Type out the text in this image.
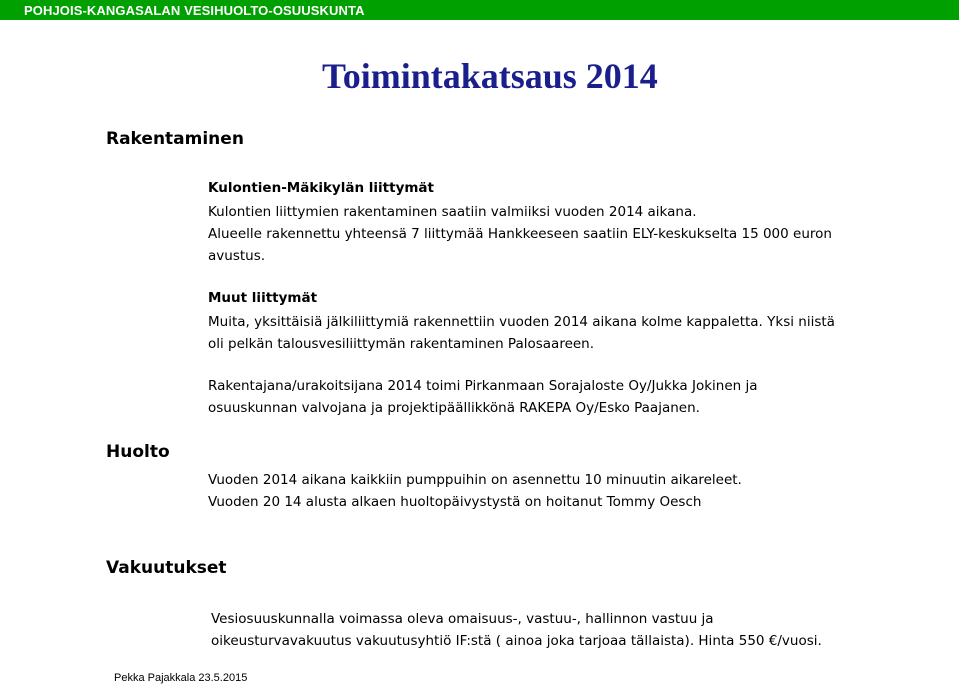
POHJOIS-KANGASALAN VESIHUOLTO-OSUUSKUNTA
Toimintakatsaus 2014
Rakentaminen
Kulontien-Mäkikylän liittymät
Kulontien liittymien rakentaminen saatiin valmiiksi vuoden 2014 aikana.
Alueelle rakennettu yhteensä 7 liittymää Hankkeeseen saatiin ELY-keskukselta 15 000 euron
avustus.
Muut liittymät
Muita, yksittäisiä jälkiliittymiä rakennettiin vuoden 2014 aikana kolme kappaletta. Yksi niistä
oli pelkän talousvesiliittymän rakentaminen Palosaareen.
Rakentajana/urakoitsijana 2014 toimi Pirkanmaan Sorajaloste Oy/Jukka Jokinen ja
osuuskunnan valvojana ja projektipäällikkönä RAKEPA Oy/Esko Paajanen.
Huolto
Vuoden 2014 aikana kaikkiin pumppuihin on asennettu 10 minuutin aikareleet.
Vuoden 20 14 alusta alkaen huoltopäivystystä on hoitanut Tommy Oesch
Vakuutukset
Vesiosuuskunnalla voimassa oleva omaisuus-, vastuu-, hallinnon vastuu ja
oikeusturvavakuutus vakuutusyhtiö IF:stä ( ainoa joka tarjoaa tällaista). Hinta 550 €/vuosi.
Pekka Pajakkala 23.5.2015
